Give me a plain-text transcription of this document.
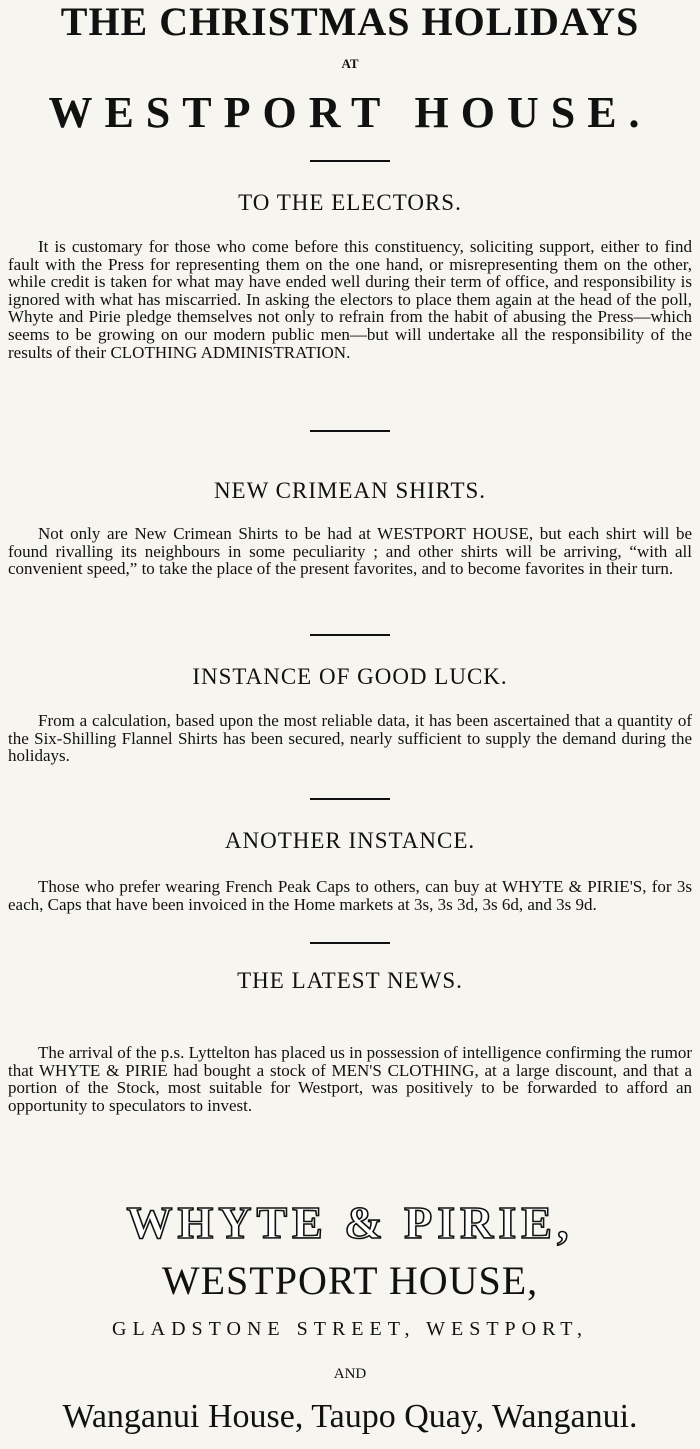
THE CHRISTMAS HOLIDAYS
AT
WESTPORT HOUSE.
TO THE ELECTORS.
It is customary for those who come before this constituency, soliciting support, either to find fault with the Press for representing them on the one hand, or misrepresenting them on the other, while credit is taken for what may have ended well during their term of office, and responsibility is ignored with what has miscarried. In asking the electors to place them again at the head of the poll, Whyte and Pirie pledge themselves not only to refrain from the habit of abusing the Press—which seems to be growing on our modern public men—but will undertake all the responsibility of the results of their CLOTHING ADMINISTRATION.
NEW CRIMEAN SHIRTS.
Not only are New Crimean Shirts to be had at WESTPORT HOUSE, but each shirt will be found rivalling its neighbours in some peculiarity ; and other shirts will be arriving, “with all convenient speed,” to take the place of the present favorites, and to become favorites in their turn.
INSTANCE OF GOOD LUCK.
From a calculation, based upon the most reliable data, it has been ascertained that a quantity of the Six-Shilling Flannel Shirts has been secured, nearly sufficient to supply the demand during the holidays.
ANOTHER INSTANCE.
Those who prefer wearing French Peak Caps to others, can buy at WHYTE & PIRIE'S, for 3s each, Caps that have been invoiced in the Home markets at 3s, 3s 3d, 3s 6d, and 3s 9d.
THE LATEST NEWS.
The arrival of the p.s. Lyttelton has placed us in possession of intelligence confirming the rumor that WHYTE & PIRIE had bought a stock of MEN'S CLOTHING, at a large discount, and that a portion of the Stock, most suitable for Westport, was positively to be forwarded to afford an opportunity to speculators to invest.
WHYTE & PIRIE,
WESTPORT HOUSE,
GLADSTONE STREET, WESTPORT,
AND
Wanganui House, Taupo Quay, Wanganui.
